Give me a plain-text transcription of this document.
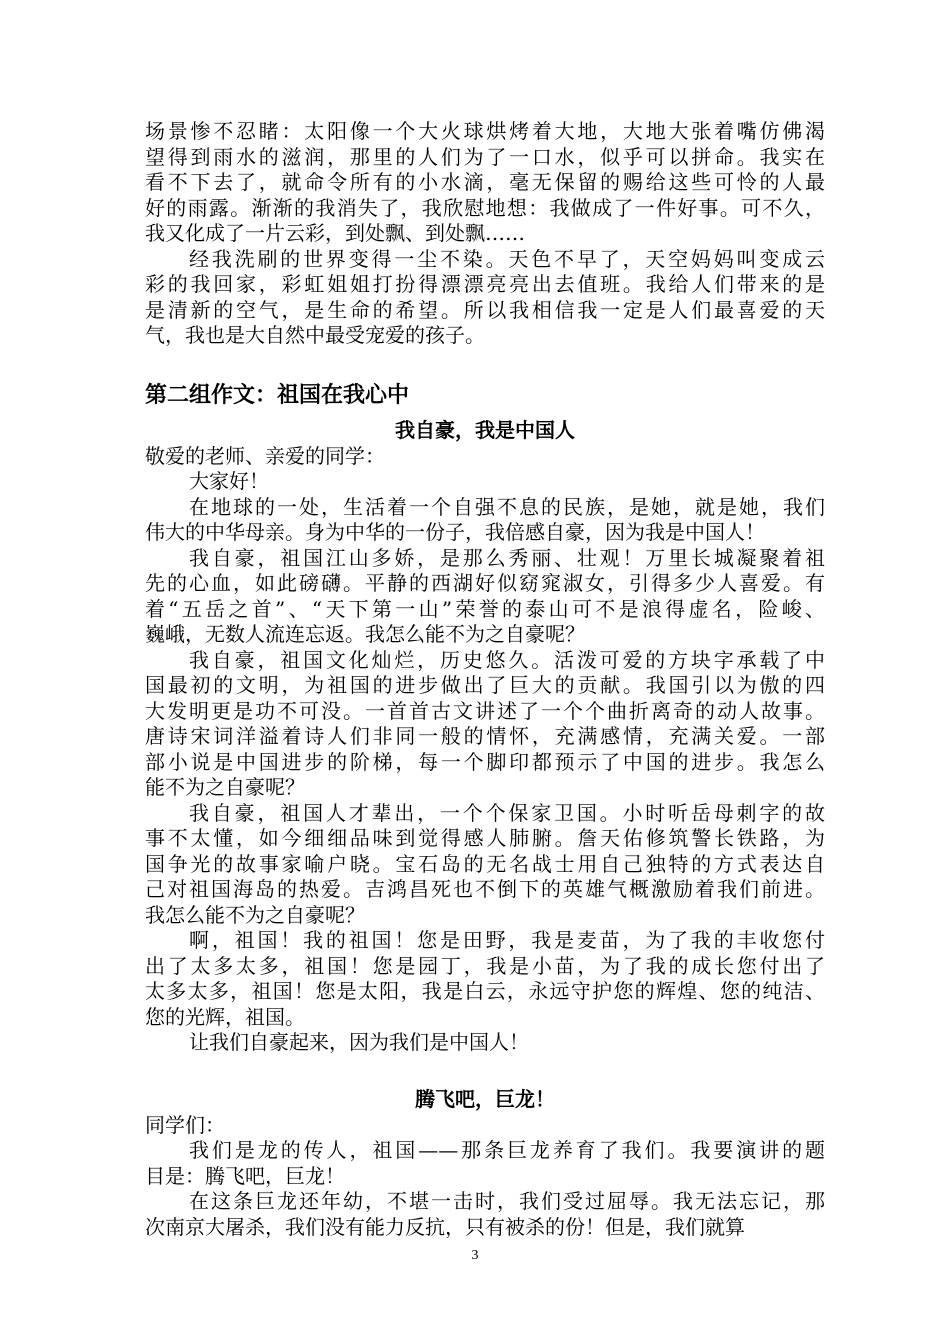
场景惨不忍睹：太阳像一个大火球烘烤着大地，大地大张着嘴仿佛渴
望得到雨水的滋润，那里的人们为了一口水，似乎可以拼命。我实在
看不下去了，就命令所有的小水滴，毫无保留的赐给这些可怜的人最
好的雨露。渐渐的我消失了，我欣慰地想：我做成了一件好事。可不久，
我又化成了一片云彩，到处飘、到处飘……
经我洗刷的世界变得一尘不染。天色不早了，天空妈妈叫变成云
彩的我回家，彩虹姐姐打扮得漂漂亮亮出去值班。我给人们带来的是
是清新的空气，是生命的希望。所以我相信我一定是人们最喜爱的天
气，我也是大自然中最受宠爱的孩子。
第二组作文：祖国在我心中
我自豪，我是中国人
敬爱的老师、亲爱的同学：
大家好！
在地球的一处，生活着一个自强不息的民族，是她，就是她，我们
伟大的中华母亲。身为中华的一份子，我倍感自豪，因为我是中国人！
我自豪，祖国江山多娇，是那么秀丽、壮观！万里长城凝聚着祖
先的心血，如此磅礴。平静的西湖好似窈窕淑女，引得多少人喜爱。有
着“五岳之首”、“天下第一山”荣誉的泰山可不是浪得虚名，险峻、
巍峨，无数人流连忘返。我怎么能不为之自豪呢？
我自豪，祖国文化灿烂，历史悠久。活泼可爱的方块字承载了中
国最初的文明，为祖国的进步做出了巨大的贡献。我国引以为傲的四
大发明更是功不可没。一首首古文讲述了一个个曲折离奇的动人故事。
唐诗宋词洋溢着诗人们非同一般的情怀，充满感情，充满关爱。一部
部小说是中国进步的阶梯，每一个脚印都预示了中国的进步。我怎么
能不为之自豪呢？
我自豪，祖国人才辈出，一个个保家卫国。小时听岳母刺字的故
事不太懂，如今细细品味到觉得感人肺腑。詹天佑修筑警长铁路，为
国争光的故事家喻户晓。宝石岛的无名战士用自己独特的方式表达自
己对祖国海岛的热爱。吉鸿昌死也不倒下的英雄气概激励着我们前进。
我怎么能不为之自豪呢？
啊，祖国！我的祖国！您是田野，我是麦苗，为了我的丰收您付
出了太多太多，祖国！您是园丁，我是小苗，为了我的成长您付出了
太多太多，祖国！您是太阳，我是白云，永远守护您的辉煌、您的纯洁、
您的光辉，祖国。
让我们自豪起来，因为我们是中国人！
腾飞吧，巨龙！
同学们：
我们是龙的传人，祖国——那条巨龙养育了我们。我要演讲的题
目是：腾飞吧，巨龙！
在这条巨龙还年幼，不堪一击时，我们受过屈辱。我无法忘记，那
次南京大屠杀，我们没有能力反抗，只有被杀的份！但是，我们就算
3
